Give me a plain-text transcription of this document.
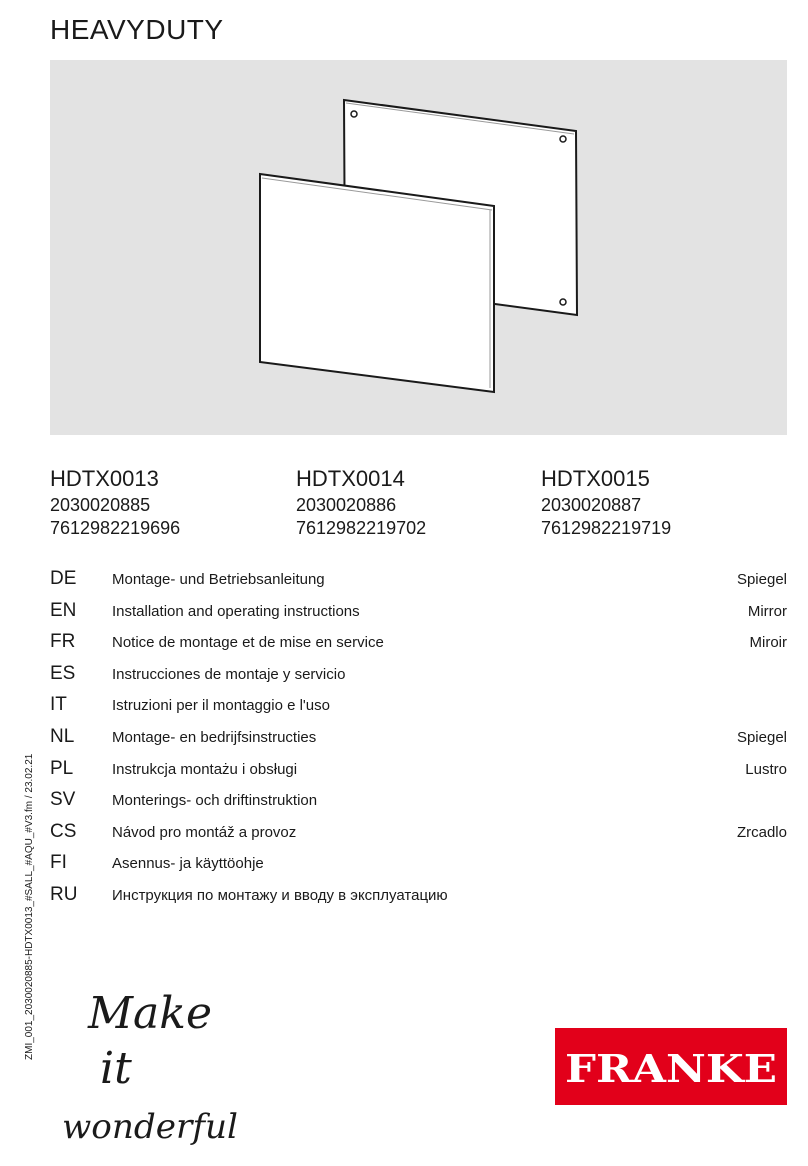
HEAVYDUTY
HDTX0013
2030020885
7612982219696
HDTX0014
2030020886
7612982219702
HDTX0015
2030020887
7612982219719
DE Montage- und Betriebsanleitung	Spiegel
EN Installation and operating instructions	Mirror
FR Notice de montage et de mise en service	Miroir
ES Instrucciones de montaje y servicio
IT	Istruzioni per il montaggio e l'uso
NL	Montage- en bedrijfsinstructies	Spiegel
PL	Instrukcja montażu i obsługi	Lustro
SV Monterings- och driftinstruktion
CS Návod pro montáž a provoz	Zrcadlo
FI	Asennus- ja käyttöohje
RU Инструкция по монтажу и вводу в эксплуатацию
ZMI_001_2030020885-HDTX0013_#SALL_#AQU_#V3.fm / 23.02.21 Make
it
wonderful
FRANKE
